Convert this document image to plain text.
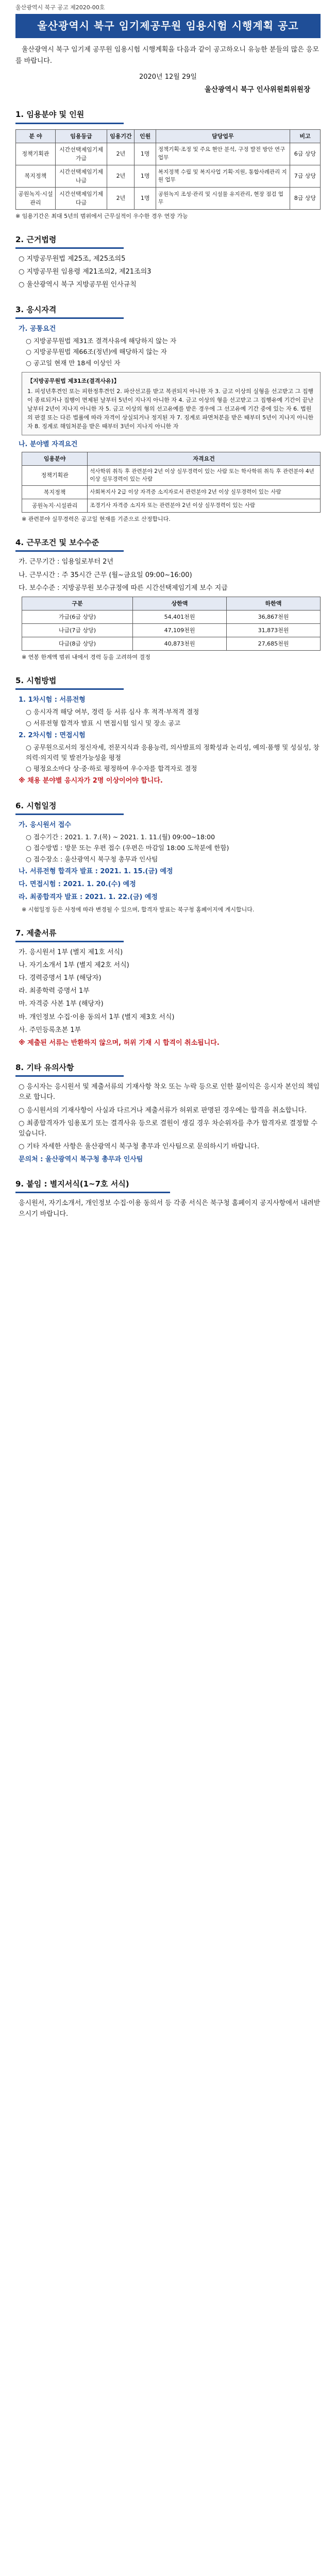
울산광역시 북구 공고 제2020-00호
울산광역시 북구 임기제공무원 임용시험 시행계획 공고
울산광역시 북구 임기제 공무원 임용시험 시행계획을 다음과 같이 공고하오니 유능한 분들의 많은 응모를 바랍니다.
2020년 12월 29일
울산광역시 북구 인사위원회위원장
1. 임용분야 및 인원
분 야	임용등급	임용기간	인원	담당업무	비고
정책기획관	시간선택제임기제 가급	2년	1명	정책기획·조정 및 주요 현안 분석, 구정 발전 방안 연구 업무	6급 상당
복지정책	시간선택제임기제 나급	2년	1명	복지정책 수립 및 복지사업 기획·지원, 통합사례관리 지원 업무	7급 상당
공원녹지·시설관리	시간선택제임기제 다급	2년	1명	공원녹지 조성·관리 및 시설물 유지관리, 현장 점검 업무	8급 상당
※ 임용기간은 최대 5년의 범위에서 근무실적이 우수한 경우 연장 가능
2. 근거법령
○ 지방공무원법 제25조, 제25조의5
○ 지방공무원 임용령 제21조의2, 제21조의3
○ 울산광역시 북구 지방공무원 인사규칙
3. 응시자격
가. 공통요건
○ 지방공무원법 제31조 결격사유에 해당하지 않는 자
○ 지방공무원법 제66조(정년)에 해당하지 않는 자
○ 공고일 현재 만 18세 이상인 자
【지방공무원법 제31조(결격사유)】
1. 피성년후견인 또는 피한정후견인 2. 파산선고를 받고 복권되지 아니한 자 3. 금고 이상의 실형을 선고받고 그 집행이 종료되거나 집행이 면제된 날부터 5년이 지나지 아니한 자 4. 금고 이상의 형을 선고받고 그 집행유예 기간이 끝난 날부터 2년이 지나지 아니한 자 5. 금고 이상의 형의 선고유예를 받은 경우에 그 선고유예 기간 중에 있는 자 6. 법원의 판결 또는 다른 법률에 따라 자격이 상실되거나 정지된 자 7. 징계로 파면처분을 받은 때부터 5년이 지나지 아니한 자 8. 징계로 해임처분을 받은 때부터 3년이 지나지 아니한 자
나. 분야별 자격요건
임용분야	자격요건
정책기획관	석사학위 취득 후 관련분야 2년 이상 실무경력이 있는 사람 또는 학사학위 취득 후 관련분야 4년 이상 실무경력이 있는 사람
복지정책	사회복지사 2급 이상 자격증 소지자로서 관련분야 2년 이상 실무경력이 있는 사람
공원녹지·시설관리	조경기사 자격증 소지자 또는 관련분야 2년 이상 실무경력이 있는 사람
※ 관련분야 실무경력은 공고일 현재를 기준으로 산정합니다.
4. 근무조건 및 보수수준
가. 근무기간 : 임용일로부터 2년
나. 근무시간 : 주 35시간 근무 (월~금요일 09:00~16:00)
다. 보수수준 : 지방공무원 보수규정에 따른 시간선택제임기제 보수 지급
구분	상한액	하한액
가급(6급 상당)	54,401천원	36,867천원
나급(7급 상당)	47,109천원	31,873천원
다급(8급 상당)	40,873천원	27,685천원
※ 연봉 한계액 범위 내에서 경력 등을 고려하여 결정
5. 시험방법
1. 1차시험 : 서류전형
○ 응시자격 해당 여부, 경력 등 서류 심사 후 적격·부적격 결정
○ 서류전형 합격자 발표 시 면접시험 일시 및 장소 공고
2. 2차시험 : 면접시험
○ 공무원으로서의 정신자세, 전문지식과 응용능력, 의사발표의 정확성과 논리성, 예의·품행 및 성실성, 창의력·의지력 및 발전가능성을 평정
○ 평정요소마다 상·중·하로 평정하여 우수자를 합격자로 결정
※ 채용 분야별 응시자가 2명 이상이어야 합니다.
6. 시험일정
가. 응시원서 접수
○ 접수기간 : 2021. 1. 7.(목) ~ 2021. 1. 11.(월) 09:00~18:00
○ 접수방법 : 방문 또는 우편 접수 (우편은 마감일 18:00 도착분에 한함)
○ 접수장소 : 울산광역시 북구청 총무과 인사팀
나. 서류전형 합격자 발표 : 2021. 1. 15.(금) 예정
다. 면접시험 : 2021. 1. 20.(수) 예정
라. 최종합격자 발표 : 2021. 1. 22.(금) 예정
※ 시험일정 등은 사정에 따라 변경될 수 있으며, 합격자 발표는 북구청 홈페이지에 게시합니다.
7. 제출서류
가. 응시원서 1부 (별지 제1호 서식)
나. 자기소개서 1부 (별지 제2호 서식)
다. 경력증명서 1부 (해당자)
라. 최종학력 증명서 1부
마. 자격증 사본 1부 (해당자)
바. 개인정보 수집·이용 동의서 1부 (별지 제3호 서식)
사. 주민등록초본 1부
※ 제출된 서류는 반환하지 않으며, 허위 기재 시 합격이 취소됩니다.
8. 기타 유의사항
○ 응시자는 응시원서 및 제출서류의 기재사항 착오 또는 누락 등으로 인한 불이익은 응시자 본인의 책임으로 합니다.
○ 응시원서의 기재사항이 사실과 다르거나 제출서류가 허위로 판명된 경우에는 합격을 취소합니다.
○ 최종합격자가 임용포기 또는 결격사유 등으로 결원이 생길 경우 차순위자를 추가 합격자로 결정할 수 있습니다.
○ 기타 자세한 사항은 울산광역시 북구청 총무과 인사팀으로 문의하시기 바랍니다.
문의처 : 울산광역시 북구청 총무과 인사팀
9. 붙임 : 별지서식(1~7호 서식)
응시원서, 자기소개서, 개인정보 수집·이용 동의서 등 각종 서식은 북구청 홈페이지 공지사항에서 내려받으시기 바랍니다.
